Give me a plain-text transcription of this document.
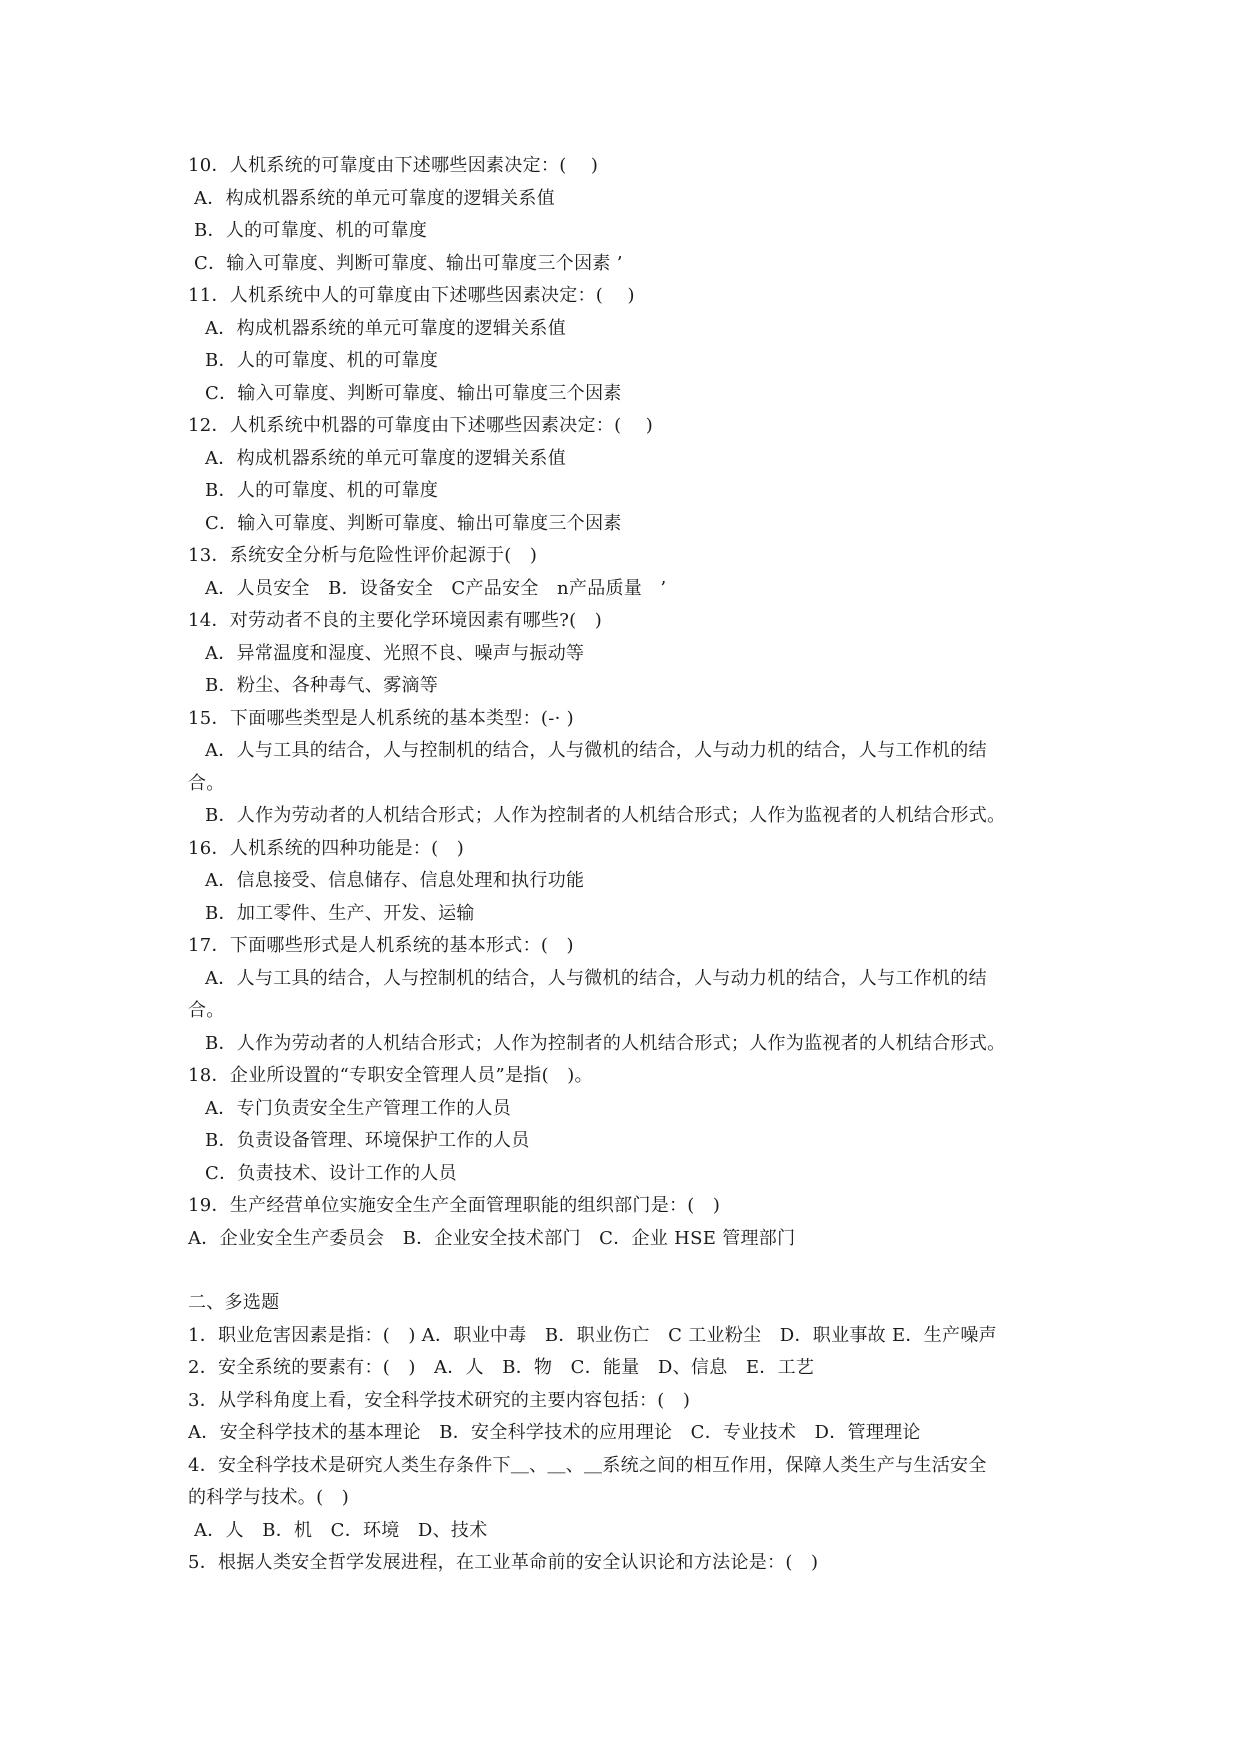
10．人机系统的可靠度由下述哪些因素决定：(　 )
A．构成机器系统的单元可靠度的逻辑关系值
B．人的可靠度、机的可靠度
C．输入可靠度、判断可靠度、输出可靠度三个因素 ’
11．人机系统中人的可靠度由下述哪些因素决定：( 　)
A．构成机器系统的单元可靠度的逻辑关系值
B．人的可靠度、机的可靠度
C．输入可靠度、判断可靠度、输出可靠度三个因素
12．人机系统中机器的可靠度由下述哪些因素决定：( 　)
A．构成机器系统的单元可靠度的逻辑关系值
B．人的可靠度、机的可靠度
C．输入可靠度、判断可靠度、输出可靠度三个因素
13．系统安全分析与危险性评价起源于(　)
A．人员安全　B．设备安全　C产品安全　n产品质量　’
14．对劳动者不良的主要化学环境因素有哪些?(　)
A．异常温度和湿度、光照不良、噪声与振动等
B．粉尘、各种毒气、雾滴等
15．下面哪些类型是人机系统的基本类型：(-· )
A．人与工具的结合，人与控制机的结合，人与微机的结合，人与动力机的结合，人与工作机的结
合。
B．人作为劳动者的人机结合形式；人作为控制者的人机结合形式；人作为监视者的人机结合形式。
16．人机系统的四种功能是：(　)
A．信息接受、信息储存、信息处理和执行功能
B．加工零件、生产、开发、运输
17．下面哪些形式是人机系统的基本形式：(　)
A．人与工具的结合，人与控制机的结合，人与微机的结合，人与动力机的结合，人与工作机的结
合。
B．人作为劳动者的人机结合形式；人作为控制者的人机结合形式；人作为监视者的人机结合形式。
18．企业所设置的“专职安全管理人员”是指(　)。
A．专门负责安全生产管理工作的人员
B．负责设备管理、环境保护工作的人员
C．负责技术、设计工作的人员
19．生产经营单位实施安全生产全面管理职能的组织部门是：(　)
A．企业安全生产委员会　B．企业安全技术部门　C．企业 HSE 管理部门
二、多选题
1．职业危害因素是指：(　) A．职业中毒　B．职业伤亡　C 工业粉尘　D．职业事故 E．生产噪声
2．安全系统的要素有：(　)　A．人　B．物　C．能量　D、信息　E．工艺
3．从学科角度上看，安全科学技术研究的主要内容包括：(　)
A．安全科学技术的基本理论　B．安全科学技术的应用理论　C．专业技术　D．管理理论
4．安全科学技术是研究人类生存条件下＿、＿、＿系统之间的相互作用，保障人类生产与生活安全
的科学与技术。(　)
A．人　B．机　C．环境　D、技术
5．根据人类安全哲学发展进程，在工业革命前的安全认识论和方法论是：(　)
